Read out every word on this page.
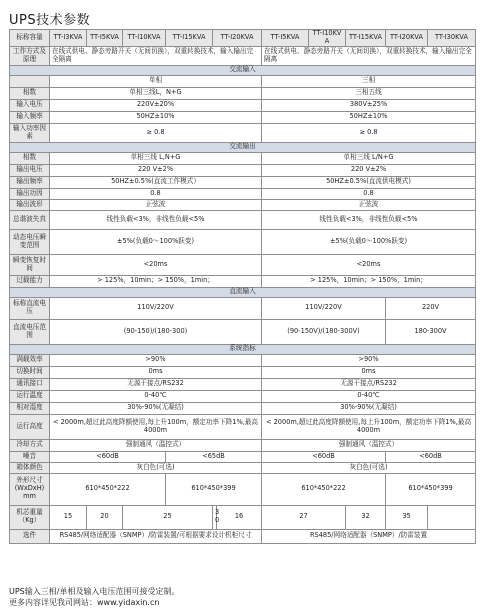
UPS技术参数
标称容量	TT-I3KVA	TT-I5KVA	TT-I10KVA	TT-I15KVA	TT-I20KVA		TT-I5KVA	TT-I10KVA	TT-I15KVA	TT-I20KVA	TT-I30KVA
工作方式及原理	在线式供电、静态旁路开关（无间切换），双重转换技术，输入输出完全隔离						在线式供电、静态旁路开关（无间切换），双重转换技术，输入输出完全隔离				
交流输入											
	单相						三相				
相数	单相三线L，N+G						三相五线				
输入电压	220V±20%						380V±25%				
输入频率	50HZ±10%						50HZ±10%				
输入功率因素	≥ 0.8						≥ 0.8				
交流输出											
相数	单相三线 L,N+G						单相三线 L/N+G				
输出电压	220 V±2%						220 V±2%				
输出频率	50HZ±0.5%(直流工作模式）						50HZ±0.5%(直流供电模式)				
输出功因	0.8						0.8				
输出波形	正弦波						正弦波				
总谐波失真	线性负载<3%，非线性负载<5%						线性负载<3%，非线性负载<5%				
动态电压瞬变范围	±5%(负载0～100%跃变)						±5%(负载0～100%跃变)				
瞬变恢复时间	<20ms						<20ms				
过载能力	> 125%，10min；> 150%，1min；						> 125%，10min；> 150%，1min；				
直流输入											
标称直流电压	110V/220V						110V/220V			220V	
直流电压范围	(90-150)/(180-300)						(90-150V)/(180-300V)			180-300V	
系统指标											
满载效率	>90%						>90%				
切换时间	0ms						0ms				
通讯接口	无源干接点/RS232						无源干接点/RS232				
运行温度	0-40℃						0-40℃				
相对湿度	30%-90%(无凝结)						30%-90%(无凝结)				
运行高度	< 2000m,超过此高度降额使用,每上升100m，额定功率下降1%,最高4000m						< 2000m,超过此高度降额使用,每上升100m，额定功率下降1%,最高4000m				
冷却方式	强制通风（温控式）						强制通风（温控式）				
噪音	<60dB			<65dB			<60dB			<60dB	
箱体颜色	灰白色(可选)						灰白色(可选)				
外形尺寸(WxDxH) mm	610*450*222			610*450*399			610*450*222			610*450*399	
机芯重量（Kg）	15	20	25		30	16	27		32	35	
选件	RS485/网络适配器（SNMP）/防雷装置/可根据要求设计机柜尺寸						RS485/网络适配器（SNMP）/防雷装置				

UPS输入三相/单相及输入电压范围可接受定制。

更多内容详见我司网站：www.yidaxin.cn
